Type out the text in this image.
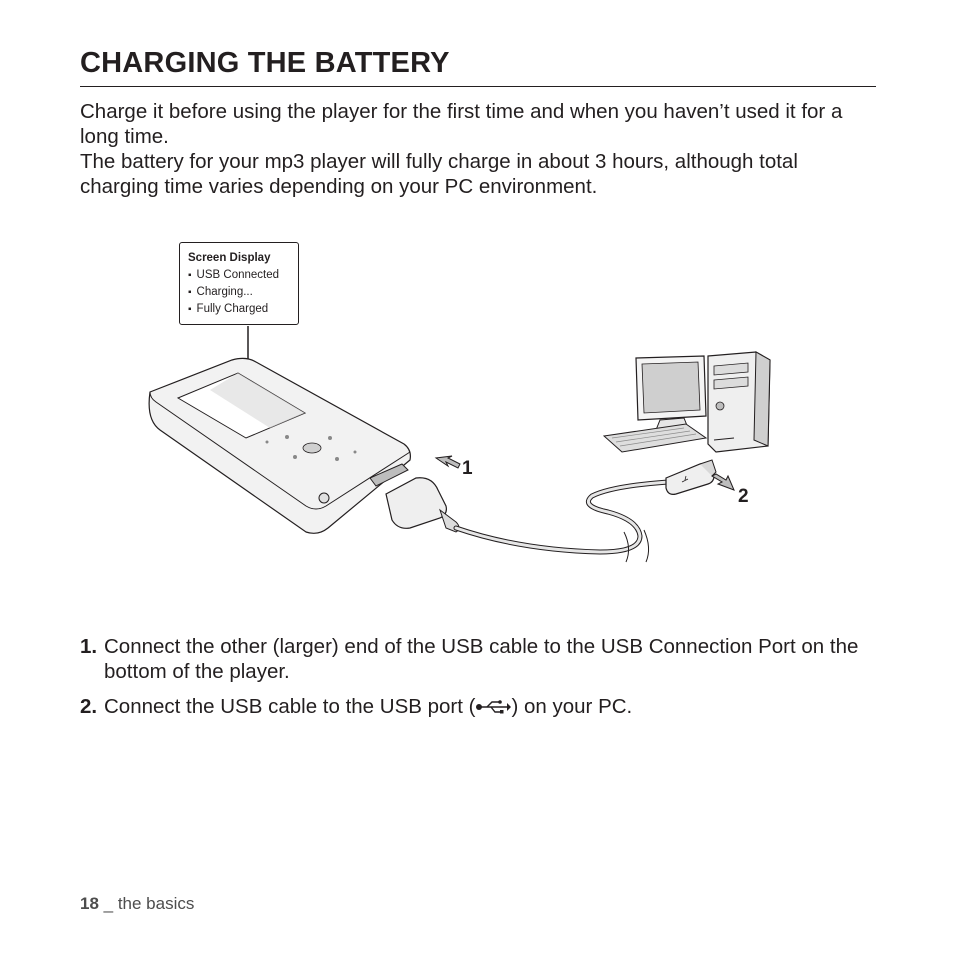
CHARGING THE BATTERY

Charge it before using the player for the first time and when you haven’t used it for a long time.

The battery for your mp3 player will fully charge in about 3 hours, although total charging time varies depending on your PC environment.

1
2
Screen Display
▪ USB Connected
▪ Charging...
▪ Fully Charged
1. Connect the other (larger) end of the USB cable to the USB Connection Port on the bottom of the player.
2. Connect the USB cable to the USB port ( ) on your PC.
18 _ the basics
